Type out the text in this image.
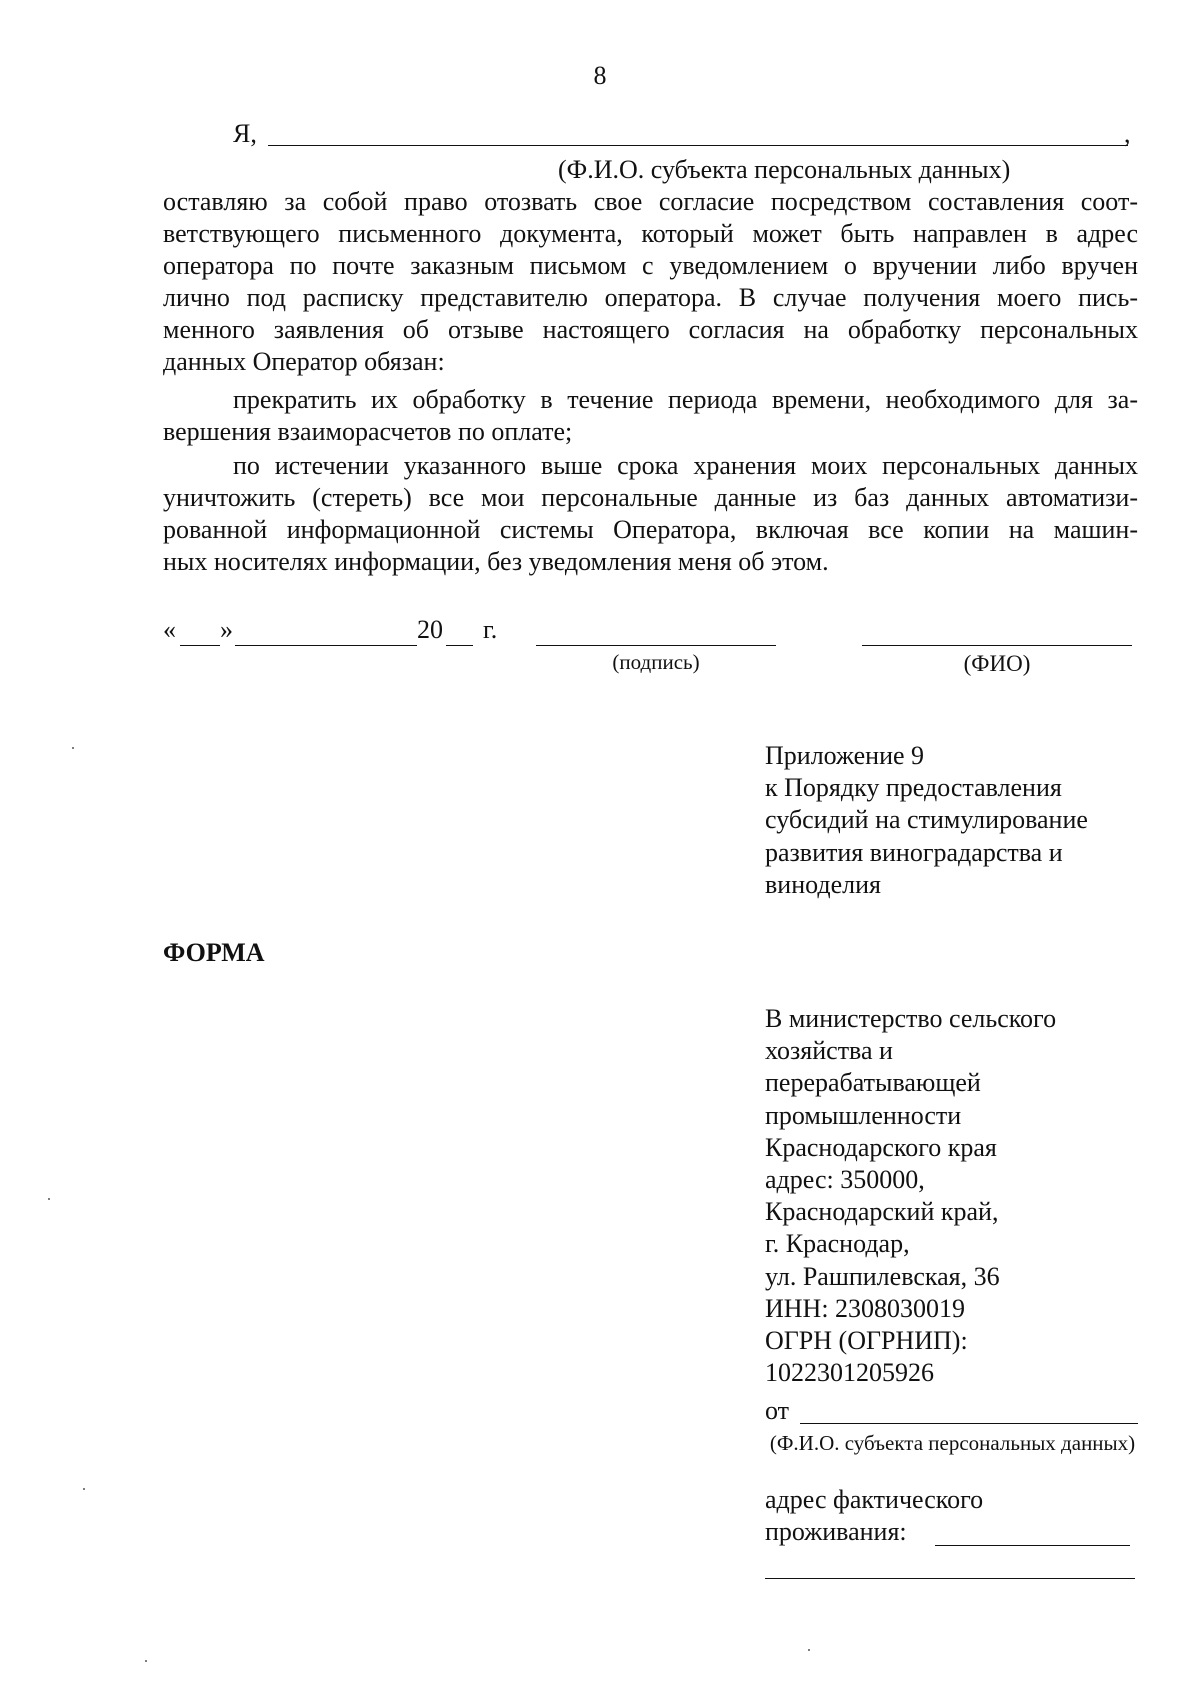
8
Я,	,
(Ф.И.О. субъекта персональных данных)
оставляю за собой право отозвать свое согласие посредством составления соот-
ветствующего письменного документа, который может быть направлен в адрес
оператора по почте заказным письмом с уведомлением о вручении либо вручен
лично под расписку представителю оператора. В случае получения моего пись-
менного заявления об отзыве настоящего согласия на обработку персональных
данных Оператор обязан:
прекратить их обработку в течение периода времени, необходимого для за-
вершения взаиморасчетов по оплате;
по истечении указанного выше срока хранения моих персональных данных
уничтожить (стереть) все мои персональные данные из баз данных автоматизи-
рованной информационной системы Оператора, включая все копии на машин-
ных носителях информации, без уведомления меня об этом.
« »	20 г.
(подпись)	(ФИО)
Приложение 9
к Порядку предоставления
субсидий на стимулирование
развития виноградарства и
виноделия
ФОРМА
В министерство сельского
хозяйства и
перерабатывающей
промышленности
Краснодарского края
адрес: 350000,
Краснодарский край,
г. Краснодар,
ул. Рашпилевская, 36
ИНН: 2308030019
ОГРН (ОГРНИП):
1022301205926
от
(Ф.И.О. субъекта персональных данных)
адрес фактического
проживания:
